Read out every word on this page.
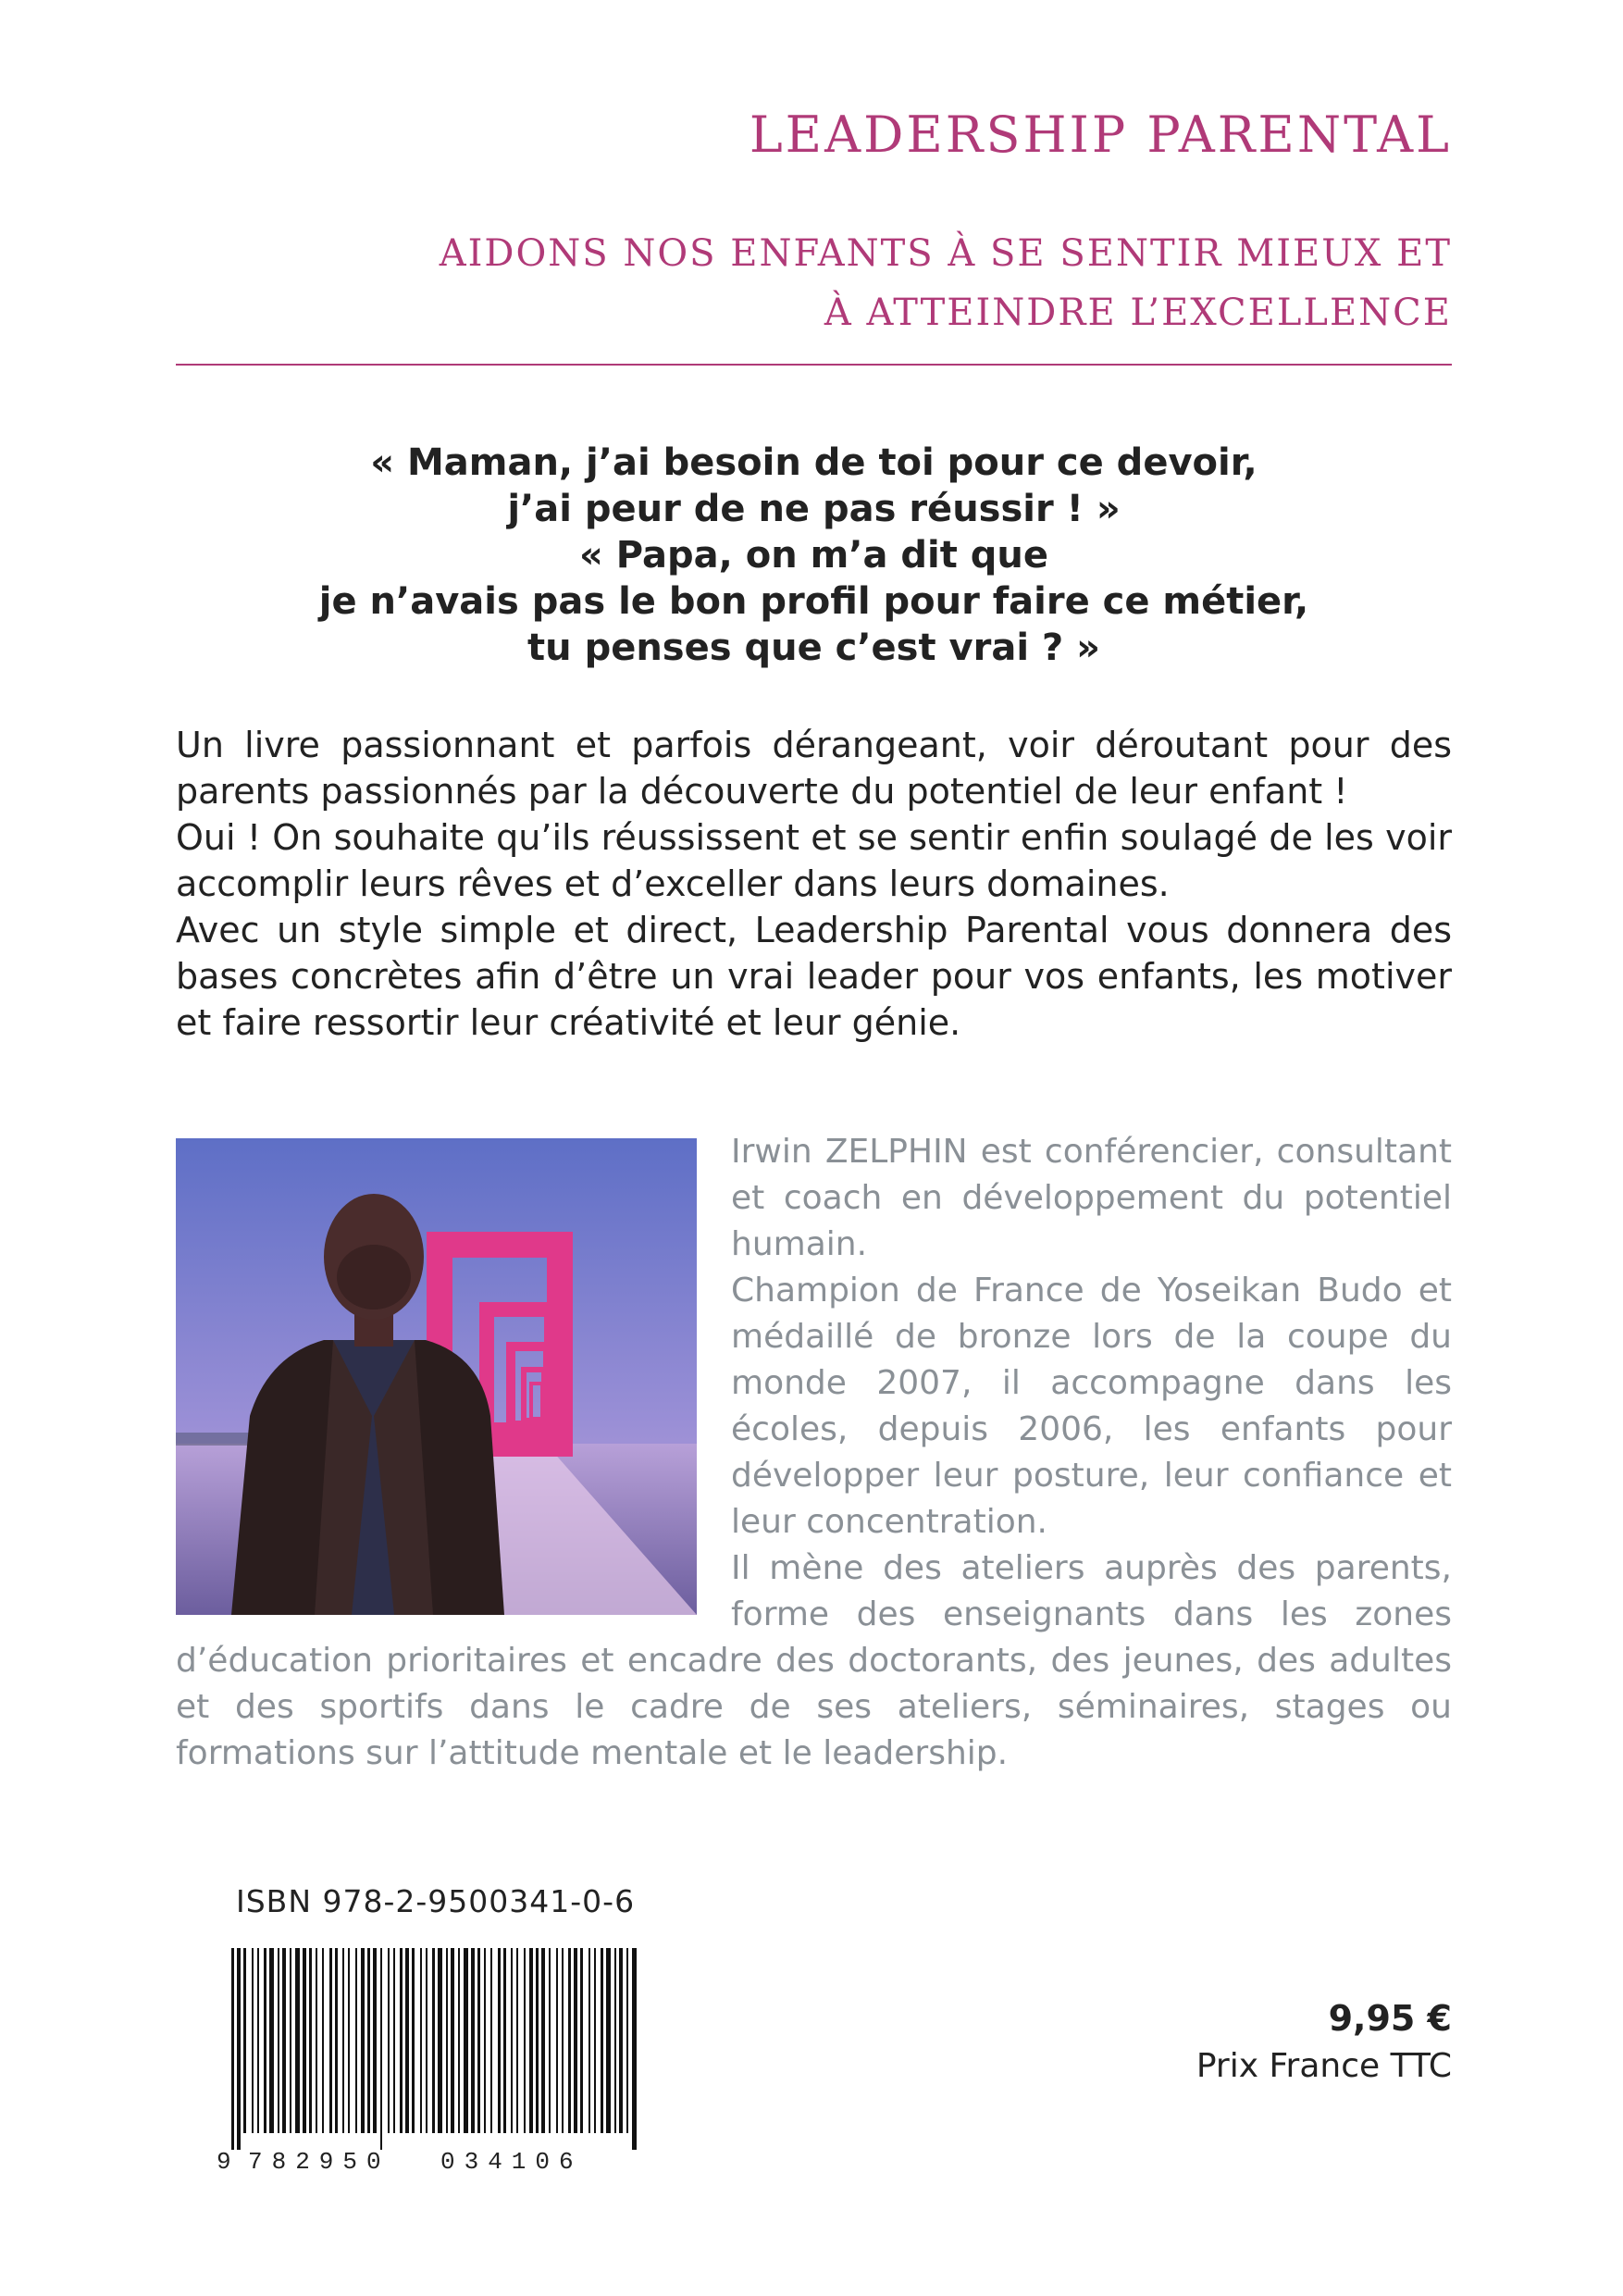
LEADERSHIP PARENTAL
AIDONS NOS ENFANTS À SE SENTIR MIEUX ET
À ATTEINDRE L’EXCELLENCE
« Maman, j’ai besoin de toi pour ce devoir,
j’ai peur de ne pas réussir ! »
« Papa, on m’a dit que
je n’avais pas le bon profil pour faire ce métier,
tu penses que c’est vrai ? »

Un livre passionnant et parfois dérangeant, voir déroutant pour des parents passionnés par la découverte du potentiel de leur enfant !

Oui ! On souhaite qu’ils réussissent et se sentir enfin soulagé de les voir accomplir leurs rêves et d’exceller dans leurs domaines.

Avec un style simple et direct, Leadership Parental vous donnera des bases concrètes afin d’être un vrai leader pour vos enfants, les motiver et faire ressortir leur créativité et leur génie.

Irwin ZELPHIN est conférencier, consultant et coach en développement du potentiel humain.

Champion de France de Yoseikan Budo et médaillé de bronze lors de la coupe du monde 2007, il accompagne dans les écoles, depuis 2006, les enfants pour développer leur posture, leur confiance et leur concentration.

Il mène des ateliers auprès des parents, forme des enseignants dans les zones d’éducation prioritaires et encadre des doctorants, des jeunes, des adultes et des sportifs dans le cadre de ses ateliers, séminaires, stages ou formations sur l’attitude mentale et le leadership.

ISBN 978-2-9500341-0-6
9 782950 034106
9,95 €
Prix France TTC
